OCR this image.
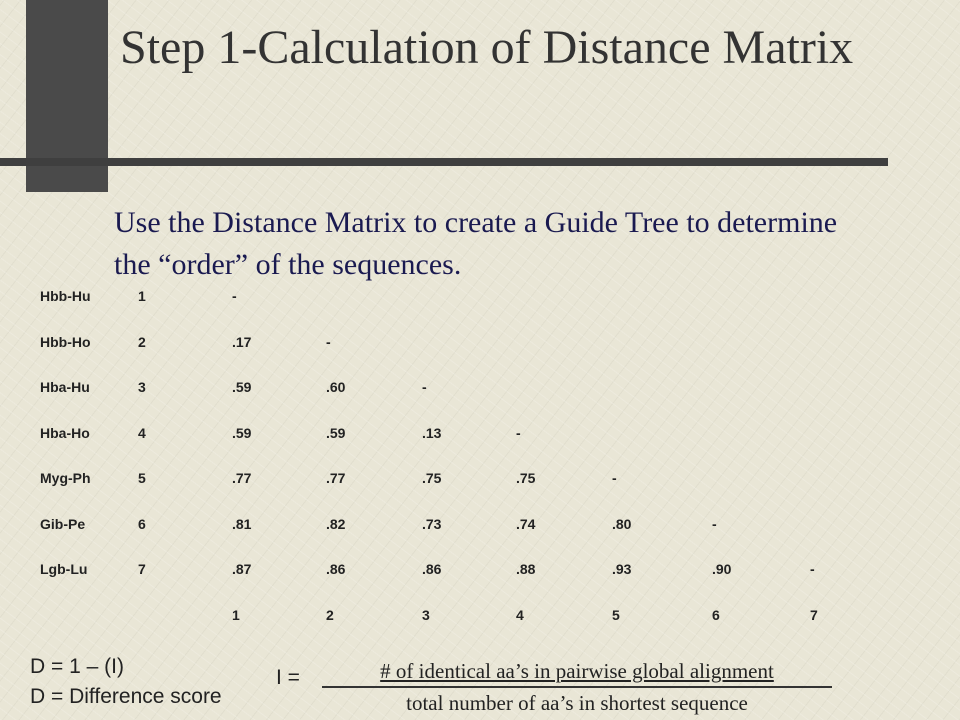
Step 1-Calculation of Distance Matrix
Use the Distance Matrix to create a Guide Tree to determine the “order” of the sequences.
Hbb-Hu	1	-
Hbb-Ho	2	.17	-
Hba-Hu	3	.59	.60	-
Hba-Ho	4	.59	.59	.13	-
Myg-Ph	5	.77	.77	.75	.75	-
Gib-Pe	6	.81	.82	.73	.74	.80	-
Lgb-Lu	7	.87	.86	.86	.88	.93	.90	-
1	2	3	4	5	6	7
D = 1 – (I)
D = Difference score
I =	# of identical aa’s in pairwise global alignment
total number of aa’s in shortest sequence
